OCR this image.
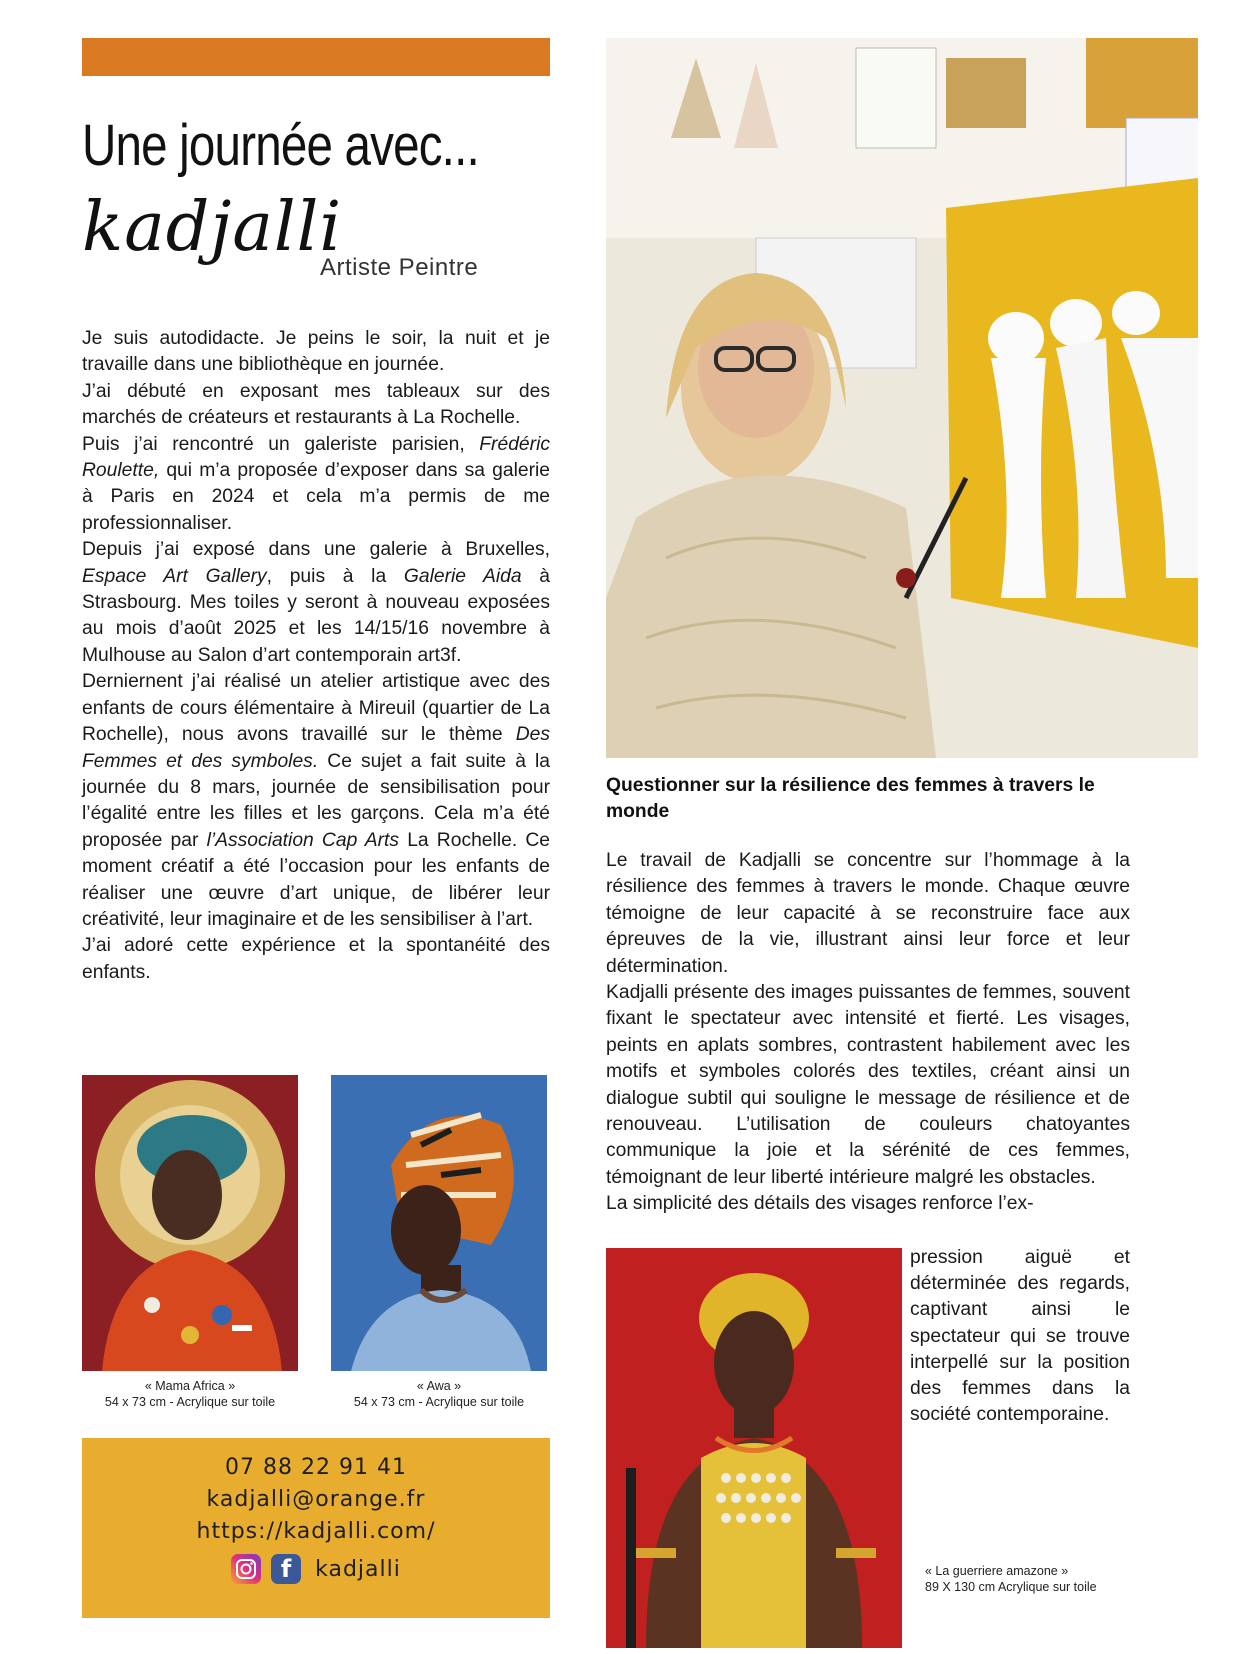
Une journée avec...
kadjalli
Artiste Peintre

Je suis autodidacte. Je peins le soir, la nuit et je travaille dans une bibliothèque en journée.

J’ai débuté en exposant mes tableaux sur des marchés de créateurs et restaurants à La Rochelle.

Puis j’ai rencontré un galeriste parisien, Frédéric Roulette, qui m’a proposée d’exposer dans sa galerie à Paris en 2024 et cela m’a permis de me professionnaliser.

Depuis j’ai exposé dans une galerie à Bruxelles, Espace Art Gallery, puis à la Galerie Aida à Strasbourg. Mes toiles y seront à nouveau exposées au mois d’août 2025 et les 14/15/16 novembre à Mulhouse au Salon d’art contemporain art3f.

Derniernent j’ai réalisé un atelier artistique avec des enfants de cours élémentaire à Mireuil (quartier de La Rochelle), nous avons travaillé sur le thème Des Femmes et des symboles. Ce sujet a fait suite à la journée du 8 mars, journée de sensibilisation pour l’égalité entre les filles et les garçons. Cela m’a été proposée par l’Association Cap Arts La Rochelle. Ce moment créatif a été l’occasion pour les enfants de réaliser une œuvre d’art unique, de libérer leur créativité, leur imaginaire et de les sensibiliser à l’art.

J’ai adoré cette expérience et la spontanéité des enfants.

Questionner sur la résilience des femmes à travers le monde

Le travail de Kadjalli se concentre sur l’hommage à la résilience des femmes à travers le monde. Chaque œuvre témoigne de leur capacité à se reconstruire face aux épreuves de la vie, illustrant ainsi leur force et leur détermination.

Kadjalli présente des images puissantes de femmes, souvent fixant le spectateur avec intensité et fierté. Les visages, peints en aplats sombres, contrastent habilement avec les motifs et symboles colorés des textiles, créant ainsi un dialogue subtil qui souligne le message de résilience et de renouveau. L’utilisation de couleurs chatoyantes communique la joie et la sérénité de ces femmes, témoignant de leur liberté intérieure malgré les obstacles.

La simplicité des détails des visages renforce l’ex-

pression aiguë et déterminée des regards, captivant ainsi le spectateur qui se trouve interpellé sur la position des femmes dans la société contemporaine.

« Mama Africa »
54 x 73 cm - Acrylique sur toile
« Awa »
54 x 73 cm - Acrylique sur toile
« La guerriere amazone »
89 X 130 cm Acrylique sur toile
07 88 22 91 41
kadjalli@orange.fr
https://kadjalli.com/
f	kadjalli
